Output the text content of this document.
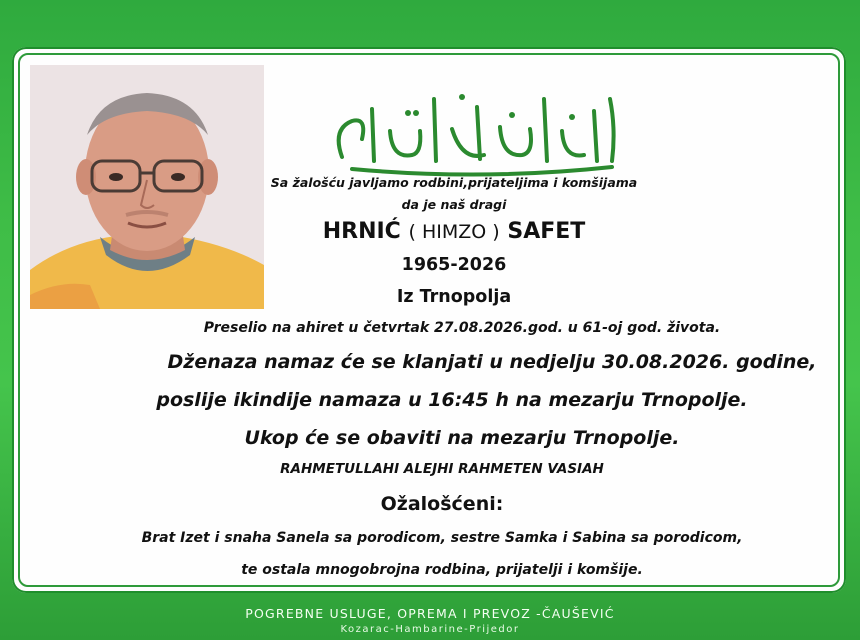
Sa žalošću javljamo rodbini,prijateljima i komšijama
da je naš dragi
HRNIĆ ( HIMZO ) SAFET
1965-2026
Iz Trnopolja
Preselio na ahiret u četvrtak 27.08.2026.god. u 61-oj god. života.
Dženaza namaz će se klanjati u nedjelju 30.08.2026. godine,
poslije ikindije namaza u 16:45 h na mezarju Trnopolje.
Ukop će se obaviti na mezarju Trnopolje.
RAHMETULLAHI ALEJHI RAHMETEN VASIAH
Ožalošćeni:
Brat Izet i snaha Sanela sa porodicom, sestre Samka i Sabina sa porodicom,
te ostala mnogobrojna rodbina, prijatelji i komšije.
POGREBNE USLUGE, OPREMA I PREVOZ -ČAUŠEVIĆ
Kozarac-Hambarine-Prijedor
